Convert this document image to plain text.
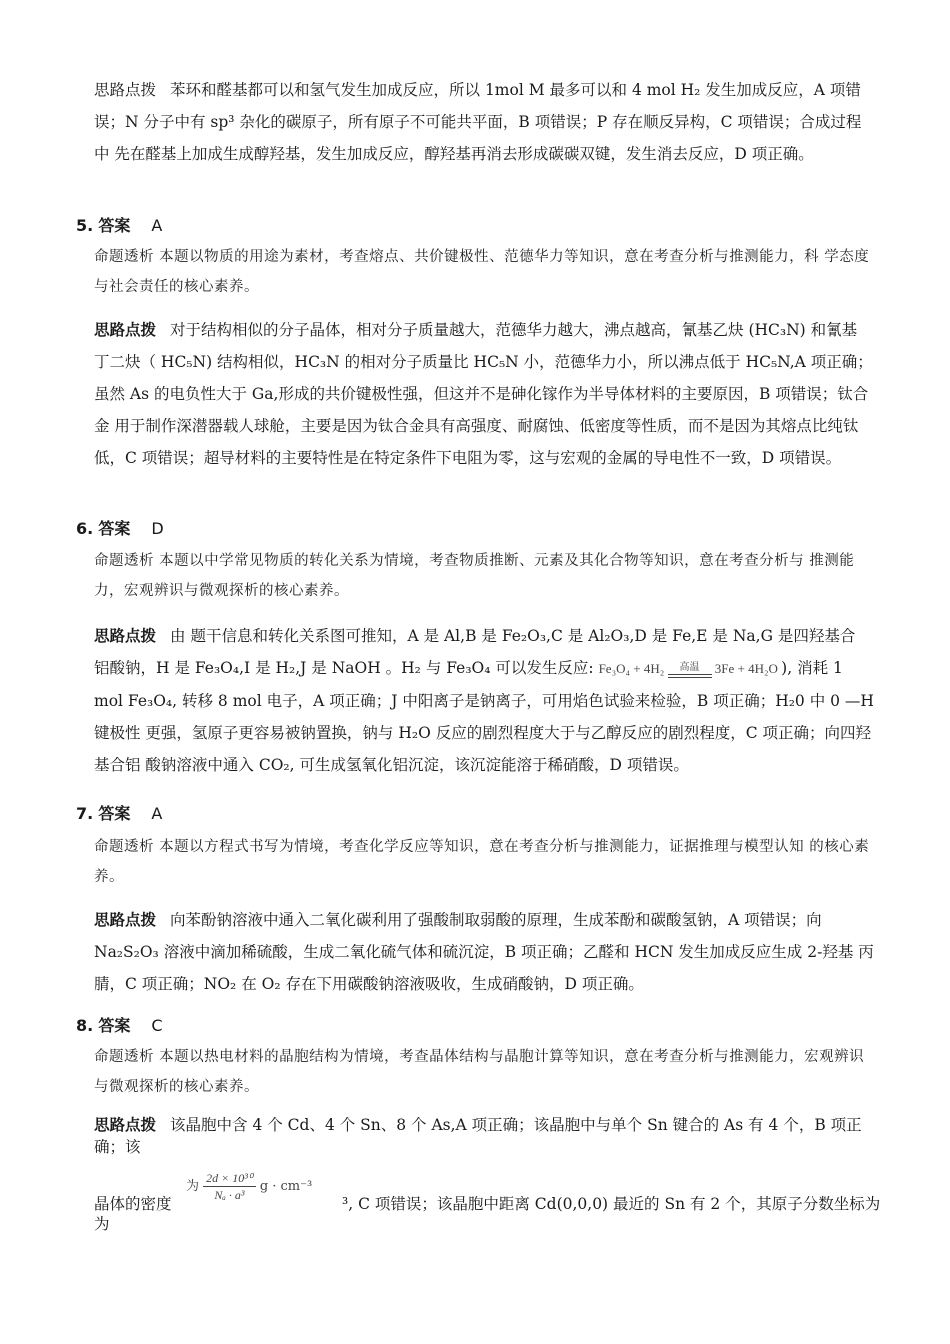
思路点拨 苯环和醛基都可以和氢气发生加成反应，所以 1mol M 最多可以和 4 mol H₂ 发生加成反应，A 项错 误；N 分子中有 sp³ 杂化的碳原子，所有原子不可能共平面，B 项错误；P 存在顺反异构，C 项错误；合成过程中 先在醛基上加成生成醇羟基，发生加成反应，醇羟基再消去形成碳碳双键，发生消去反应，D 项正确。
5. 答案 A
命题透析 本题以物质的用途为素材，考查熔点、共价键极性、范德华力等知识，意在考查分析与推测能力，科 学态度与社会责任的核心素养。
思路点拨 对于结构相似的分子晶体，相对分子质量越大，范德华力越大，沸点越高，氰基乙炔 (HC₃N) 和氰基 丁二炔（ HC₅N) 结构相似，HC₃N 的相对分子质量比 HC₅N 小，范德华力小，所以沸点低于 HC₅N,A 项正确；虽然 As 的电负性大于 Ga,形成的共价键极性强，但这并不是砷化镓作为半导体材料的主要原因，B 项错误；钛合金 用于制作深潜器载人球舱，主要是因为钛合金具有高强度、耐腐蚀、低密度等性质，而不是因为其熔点比纯钛 低，C 项错误；超导材料的主要特性是在特定条件下电阻为零，这与宏观的金属的导电性不一致，D 项错误。
6. 答案 D
命题透析 本题以中学常见物质的转化关系为情境，考查物质推断、元素及其化合物等知识，意在考查分析与 推测能力，宏观辨识与微观探析的核心素养。
思路点拨 由 题干信息和转化关系图可推知，A 是 Al,B 是 Fe₂O₃,C 是 Al₂O₃,D 是 Fe,E 是 Na,G 是四羟基合 铝酸钠，H 是 Fe₃O₄,I 是 H₂,J 是 NaOH 。H₂ 与 Fe₃O₄ 可以发生反应: Fe₃O₄ + 4H₂	高温	3Fe + 4H₂O ), 消耗 1 mol Fe₃O₄, 转移 8 mol 电子，A 项正确；J 中阳离子是钠离子，可用焰色试验来检验，B 项正确；H₂0 中 0 —H 键极性 更强，氢原子更容易被钠置换，钠与 H₂O 反应的剧烈程度大于与乙醇反应的剧烈程度，C 项正确；向四羟基合铝 酸钠溶液中通入 CO₂, 可生成氢氧化铝沉淀，该沉淀能溶于稀硝酸，D 项错误。
7. 答案 A
命题透析 本题以方程式书写为情境，考查化学反应等知识，意在考查分析与推测能力，证据推理与模型认知 的核心素养。
思路点拨 向苯酚钠溶液中通入二氧化碳利用了强酸制取弱酸的原理，生成苯酚和碳酸氢钠，A 项错误；向 Na₂S₂O₃ 溶液中滴加稀硫酸，生成二氧化硫气体和硫沉淀，B 项正确；乙醛和 HCN 发生加成反应生成 2-羟基 丙腈，C 项正确；NO₂ 在 O₂ 存在下用碳酸钠溶液吸收，生成硝酸钠，D 项正确。
8. 答案 C
命题透析 本题以热电材料的晶胞结构为情境，考查晶体结构与晶胞计算等知识，意在考查分析与推测能力，宏观辨识与微观探析的核心素养。
思路点拨 该晶胞中含 4 个 Cd、4 个 Sn、8 个 As,A 项正确；该晶胞中与单个 Sn 键合的 As 有 4 个，B 项正确；该
为 $\frac{\text{2d × 10³⁰}}{\text{Nₐ · a³}}$ g · cm⁻³
晶体的密度	³, C 项错误；该晶胞中距离 Cd(0,0,0) 最近的 Sn 有 2 个，其原子分数坐标为
为
